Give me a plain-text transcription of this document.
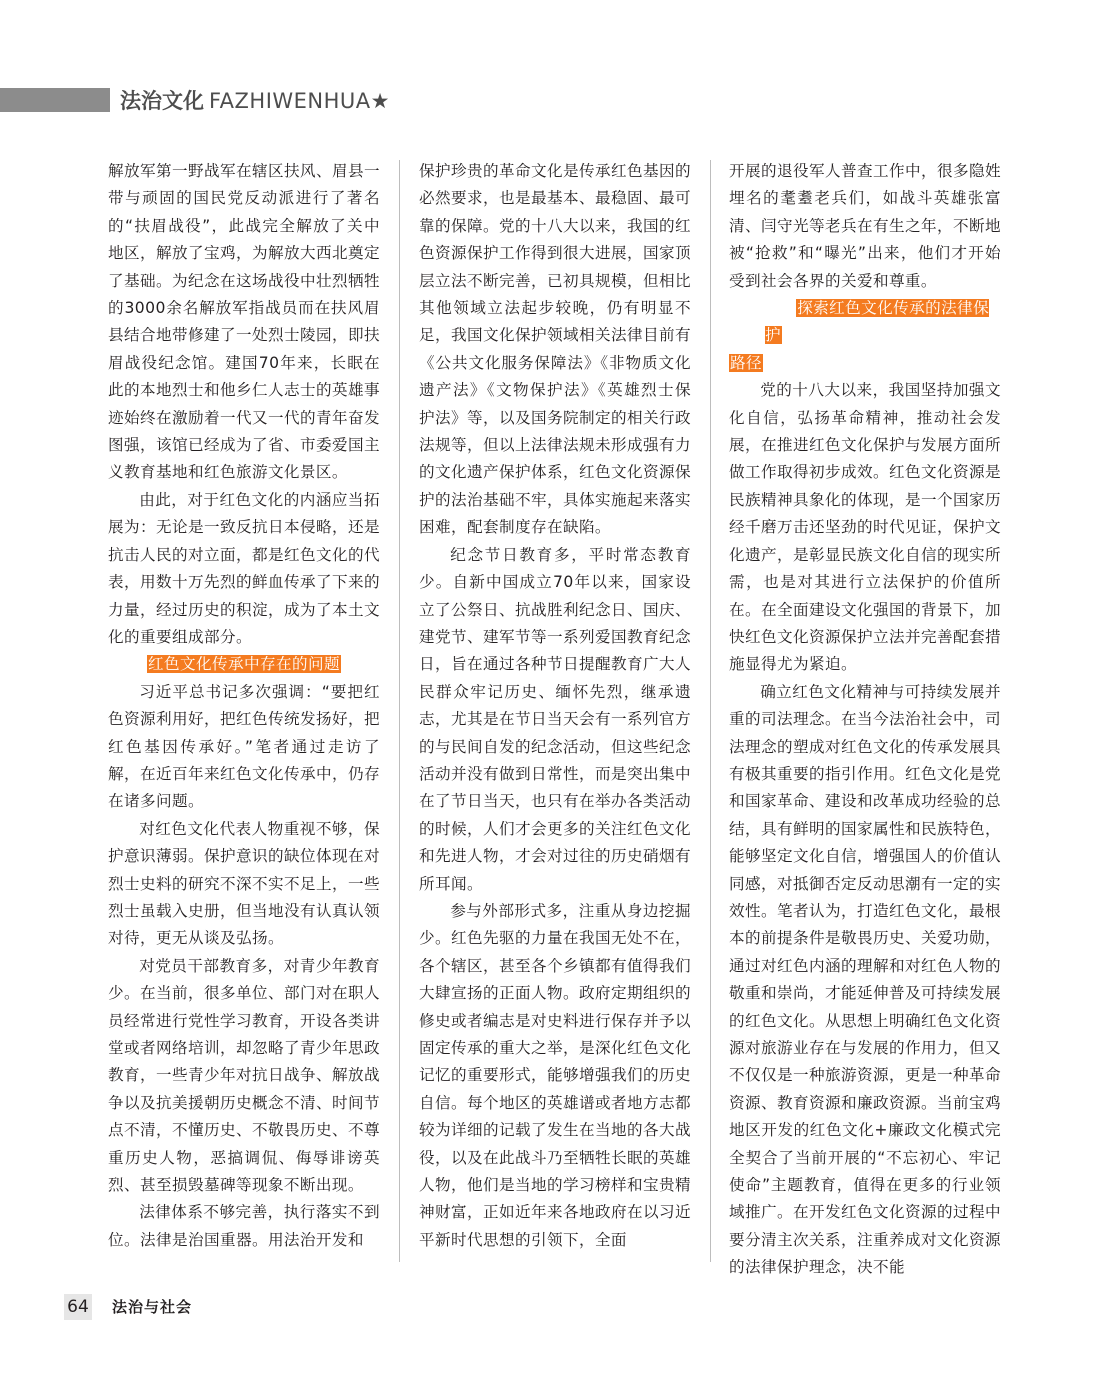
法治文化 FAZHIWENHUA★

解放军第一野战军在辖区扶风、眉县一带与顽固的国民党反动派进行了著名的“扶眉战役”，此战完全解放了关中地区，解放了宝鸡，为解放大西北奠定了基础。为纪念在这场战役中壮烈牺牲的3000余名解放军指战员而在扶风眉县结合地带修建了一处烈士陵园，即扶眉战役纪念馆。建国70年来，长眠在此的本地烈士和他乡仁人志士的英雄事迹始终在激励着一代又一代的青年奋发图强，该馆已经成为了省、市委爱国主义教育基地和红色旅游文化景区。

由此，对于红色文化的内涵应当拓展为：无论是一致反抗日本侵略，还是抗击人民的对立面，都是红色文化的代表，用数十万先烈的鲜血传承了下来的力量，经过历史的积淀，成为了本土文化的重要组成部分。

红色文化传承中存在的问题

习近平总书记多次强调：“要把红色资源利用好，把红色传统发扬好，把红色基因传承好。”笔者通过走访了解，在近百年来红色文化传承中，仍存在诸多问题。

对红色文化代表人物重视不够，保护意识薄弱。保护意识的缺位体现在对烈士史料的研究不深不实不足上，一些烈士虽载入史册，但当地没有认真认领对待，更无从谈及弘扬。

对党员干部教育多，对青少年教育少。在当前，很多单位、部门对在职人员经常进行党性学习教育，开设各类讲堂或者网络培训，却忽略了青少年思政教育，一些青少年对抗日战争、解放战争以及抗美援朝历史概念不清、时间节点不清，不懂历史、不敬畏历史、不尊重历史人物，恶搞调侃、侮辱诽谤英烈、甚至损毁墓碑等现象不断出现。

法律体系不够完善，执行落实不到位。法律是治国重器。用法治开发和

保护珍贵的革命文化是传承红色基因的必然要求，也是最基本、最稳固、最可靠的保障。党的十八大以来，我国的红色资源保护工作得到很大进展，国家顶层立法不断完善，已初具规模，但相比其他领域立法起步较晚，仍有明显不足，我国文化保护领域相关法律目前有《公共文化服务保障法》《非物质文化遗产法》《文物保护法》《英雄烈士保护法》等，以及国务院制定的相关行政法规等，但以上法律法规未形成强有力的文化遗产保护体系，红色文化资源保护的法治基础不牢，具体实施起来落实困难，配套制度存在缺陷。

纪念节日教育多，平时常态教育少。自新中国成立70年以来，国家设立了公祭日、抗战胜利纪念日、国庆、建党节、建军节等一系列爱国教育纪念日，旨在通过各种节日提醒教育广大人民群众牢记历史、缅怀先烈，继承遗志，尤其是在节日当天会有一系列官方的与民间自发的纪念活动，但这些纪念活动并没有做到日常性，而是突出集中在了节日当天，也只有在举办各类活动的时候，人们才会更多的关注红色文化和先进人物，才会对过往的历史硝烟有所耳闻。

参与外部形式多，注重从身边挖掘少。红色先驱的力量在我国无处不在，各个辖区，甚至各个乡镇都有值得我们大肆宣扬的正面人物。政府定期组织的修史或者编志是对史料进行保存并予以固定传承的重大之举，是深化红色文化记忆的重要形式，能够增强我们的历史自信。每个地区的英雄谱或者地方志都较为详细的记载了发生在当地的各大战役，以及在此战斗乃至牺牲长眠的英雄人物，他们是当地的学习榜样和宝贵精神财富，正如近年来各地政府在以习近平新时代思想的引领下，全面

开展的退役军人普查工作中，很多隐姓埋名的耄耋老兵们，如战斗英雄张富清、闫守光等老兵在有生之年，不断地被“抢救”和“曝光”出来，他们才开始受到社会各界的关爱和尊重。

探索红色文化传承的法律保护

路径

党的十八大以来，我国坚持加强文化自信，弘扬革命精神，推动社会发展，在推进红色文化保护与发展方面所做工作取得初步成效。红色文化资源是民族精神具象化的体现，是一个国家历经千磨万击还坚劲的时代见证，保护文化遗产，是彰显民族文化自信的现实所需，也是对其进行立法保护的价值所在。在全面建设文化强国的背景下，加快红色文化资源保护立法并完善配套措施显得尤为紧迫。

确立红色文化精神与可持续发展并重的司法理念。在当今法治社会中，司法理念的塑成对红色文化的传承发展具有极其重要的指引作用。红色文化是党和国家革命、建设和改革成功经验的总结，具有鲜明的国家属性和民族特色，能够坚定文化自信，增强国人的价值认同感，对抵御否定反动思潮有一定的实效性。笔者认为，打造红色文化，最根本的前提条件是敬畏历史、关爱功勋，通过对红色内涵的理解和对红色人物的敬重和崇尚，才能延伸普及可持续发展的红色文化。从思想上明确红色文化资源对旅游业存在与发展的作用力，但又不仅仅是一种旅游资源，更是一种革命资源、教育资源和廉政资源。当前宝鸡地区开发的红色文化+廉政文化模式完全契合了当前开展的“不忘初心、牢记使命”主题教育，值得在更多的行业领域推广。在开发红色文化资源的过程中要分清主次关系，注重养成对文化资源的法律保护理念，决不能

64 法治与社会
